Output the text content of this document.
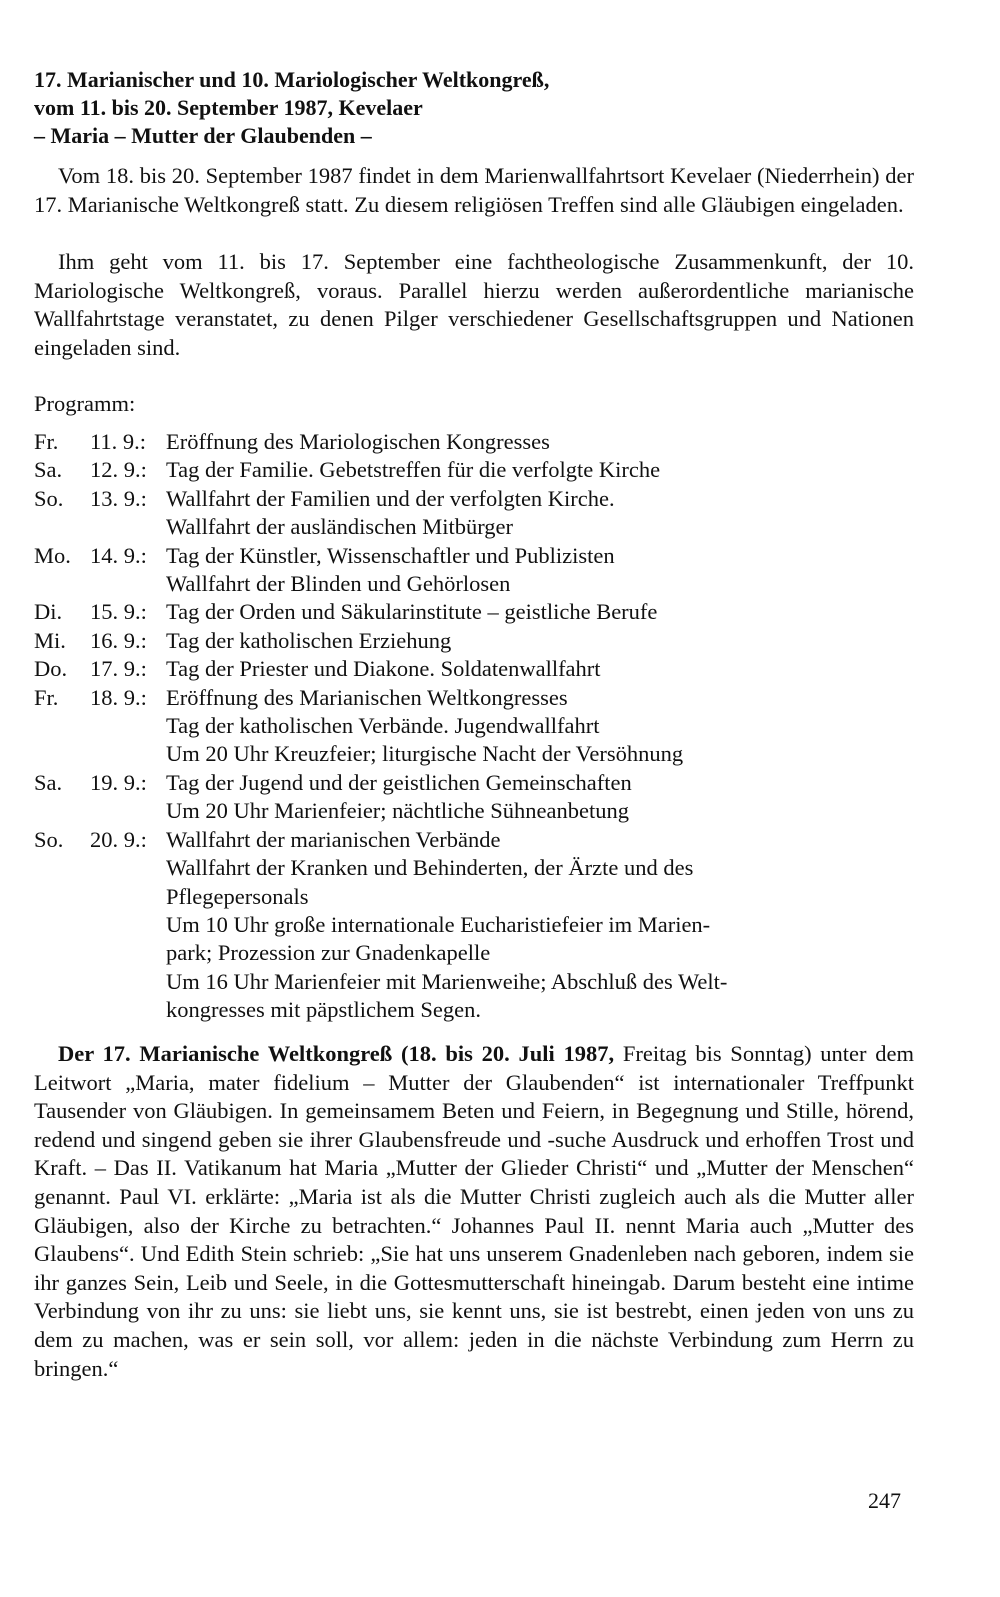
17. Marianischer und 10. Mariologischer Weltkongreß,
vom 11. bis 20. September 1987, Kevelaer
– Maria – Mutter der Glaubenden –
Vom 18. bis 20. September 1987 findet in dem Marienwallfahrtsort Kevelaer (Niederrhein) der 17. Marianische Weltkongreß statt. Zu diesem religiösen Treffen sind alle Gläubigen eingeladen.
Ihm geht vom 11. bis 17. September eine fachtheologische Zusammenkunft, der 10. Mariologische Weltkongreß, voraus. Parallel hierzu werden außerordentliche marianische Wallfahrtstage veranstatet, zu denen Pilger verschiedener Gesellschaftsgruppen und Nationen eingeladen sind.
Programm:
Fr.	11. 9.: Eröffnung des Mariologischen Kongresses
Sa.	12. 9.: Tag der Familie. Gebetstreffen für die verfolgte Kirche
So.	13. 9.: Wallfahrt der Familien und der verfolgten Kirche.
Wallfahrt der ausländischen Mitbürger
Mo. 14. 9.: Tag der Künstler, Wissenschaftler und Publizisten
Wallfahrt der Blinden und Gehörlosen
Di.	15. 9.: Tag der Orden und Säkularinstitute – geistliche Berufe
Mi.	16. 9.: Tag der katholischen Erziehung
Do.	17. 9.: Tag der Priester und Diakone. Soldatenwallfahrt
Fr.	18. 9.: Eröffnung des Marianischen Weltkongresses
Tag der katholischen Verbände. Jugendwallfahrt
Um 20 Uhr Kreuzfeier; liturgische Nacht der Versöhnung
Sa.	19. 9.: Tag der Jugend und der geistlichen Gemeinschaften
Um 20 Uhr Marienfeier; nächtliche Sühneanbetung
So.	20. 9.: Wallfahrt der marianischen Verbände
Wallfahrt der Kranken und Behinderten, der Ärzte und des
Pflegepersonals
Um 10 Uhr große internationale Eucharistiefeier im Marien-
park; Prozession zur Gnadenkapelle
Um 16 Uhr Marienfeier mit Marienweihe; Abschluß des Welt-
kongresses mit päpstlichem Segen.
Der 17. Marianische Weltkongreß (18. bis 20. Juli 1987, Freitag bis Sonntag) unter dem Leitwort „Maria, mater fidelium – Mutter der Glaubenden“ ist internationaler Treffpunkt Tausender von Gläubigen. In gemeinsamem Beten und Feiern, in Begegnung und Stille, hörend, redend und singend geben sie ihrer Glaubensfreude und -suche Ausdruck und erhoffen Trost und Kraft. – Das II. Vatikanum hat Maria „Mutter der Glieder Christi“ und „Mutter der Menschen“ genannt. Paul VI. erklärte: „Maria ist als die Mutter Christi zugleich auch als die Mutter aller Gläubigen, also der Kirche zu betrachten.“ Johannes Paul II. nennt Maria auch „Mutter des Glaubens“. Und Edith Stein schrieb: „Sie hat uns unserem Gnadenleben nach geboren, indem sie ihr ganzes Sein, Leib und Seele, in die Gottesmutterschaft hineingab. Darum besteht eine intime Verbindung von ihr zu uns: sie liebt uns, sie kennt uns, sie ist bestrebt, einen jeden von uns zu dem zu machen, was er sein soll, vor allem: jeden in die nächste Verbindung zum Herrn zu bringen.“
247
